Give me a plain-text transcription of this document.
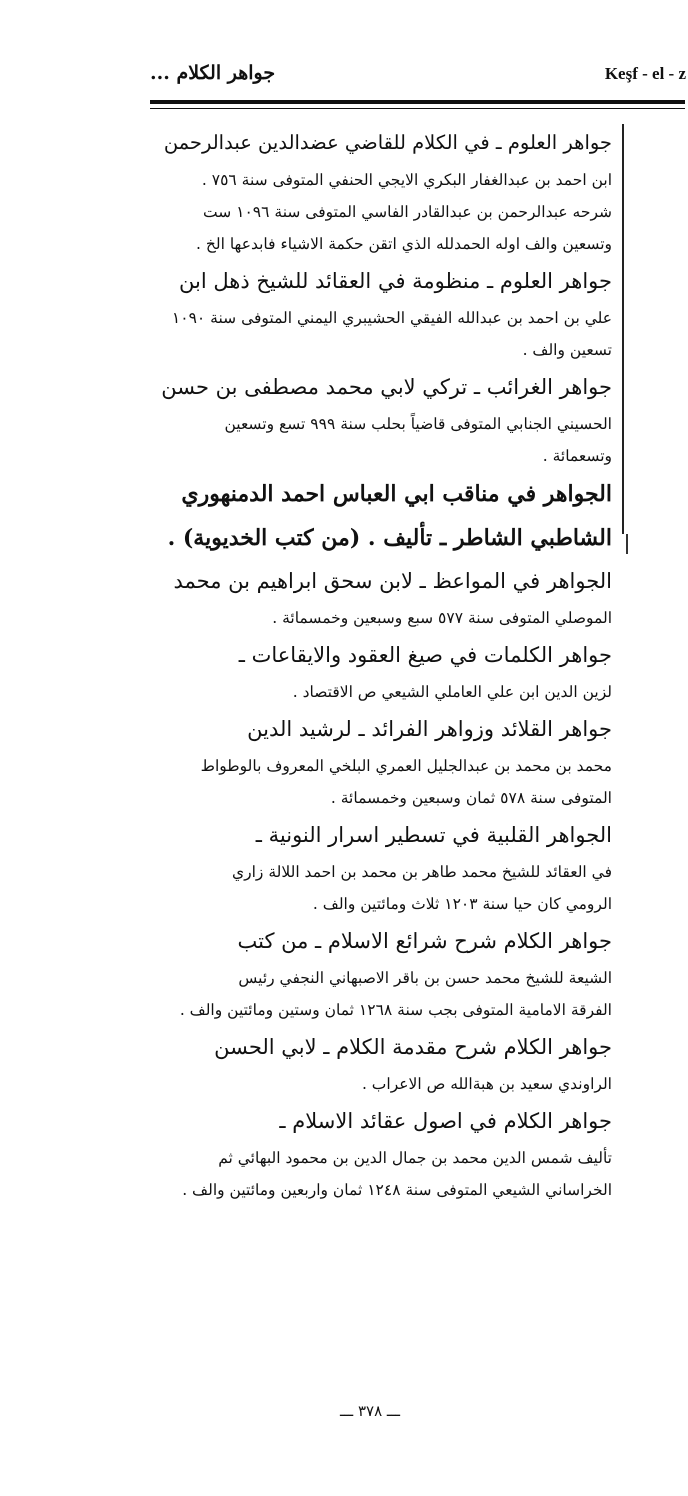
جواهر الكلام ...	Keşf - el - z
جواهر العلوم ـ في الكلام للقاضي عضدالدين عبدالرحمن
ابن احمد بن عبدالغفار البكري الايجي الحنفي المتوفى سنة ٧٥٦ .
شرحه عبدالرحمن بن عبدالقادر الفاسي المتوفى سنة ١٠٩٦ ست
وتسعين والف اوله الحمدلله الذي اتقن حكمة الاشياء فابدعها الخ .
جواهر العلوم ـ منظومة في العقائد للشيخ ذهل ابن
علي بن احمد بن عبدالله الفيقي الحشيبري اليمني المتوفى سنة ١٠٩٠
تسعين والف .
جواهر الغرائب ـ تركي لابي محمد مصطفى بن حسن
الحسيني الجنابي المتوفى قاضياً بحلب سنة ٩٩٩ تسع وتسعين
وتسعمائة .
الجواهر في مناقب ابي العباس احمد الدمنهوري
الشاطبي الشاطر ـ تأليف . (من كتب الخديوية) .
الجواهر في المواعظ ـ لابن سحق ابراهيم بن محمد
الموصلي المتوفى سنة ٥٧٧ سبع وسبعين وخمسمائة .
جواهر الكلمات في صيغ العقود والايقاعات ـ
لزين الدين ابن علي العاملي الشيعي ص الاقتصاد .
جواهر القلائد وزواهر الفرائد ـ لرشيد الدين
محمد بن محمد بن عبدالجليل العمري البلخي المعروف بالوطواط
المتوفى سنة ٥٧٨ ثمان وسبعين وخمسمائة .
الجواهر القلبية في تسطير اسرار النونية ـ
في العقائد للشيخ محمد طاهر بن محمد بن احمد اللالة زاري
الرومي كان حيا سنة ١٢٠٣ ثلاث ومائتين والف .
جواهر الكلام شرح شرائع الاسلام ـ من كتب
الشيعة للشيخ محمد حسن بن باقر الاصبهاني النجفي رئيس
الفرقة الامامية المتوفى بجب سنة ١٢٦٨ ثمان وستين ومائتين والف .
جواهر الكلام شرح مقدمة الكلام ـ لابي الحسن
الراوندي سعيد بن هبةالله ص الاعراب .
جواهر الكلام في اصول عقائد الاسلام ـ
تأليف شمس الدين محمد بن جمال الدين بن محمود البهائي ثم
الخراساني الشيعي المتوفى سنة ١٢٤٨ ثمان واربعين ومائتين والف .
ـــ ٣٧٨ ـــ
